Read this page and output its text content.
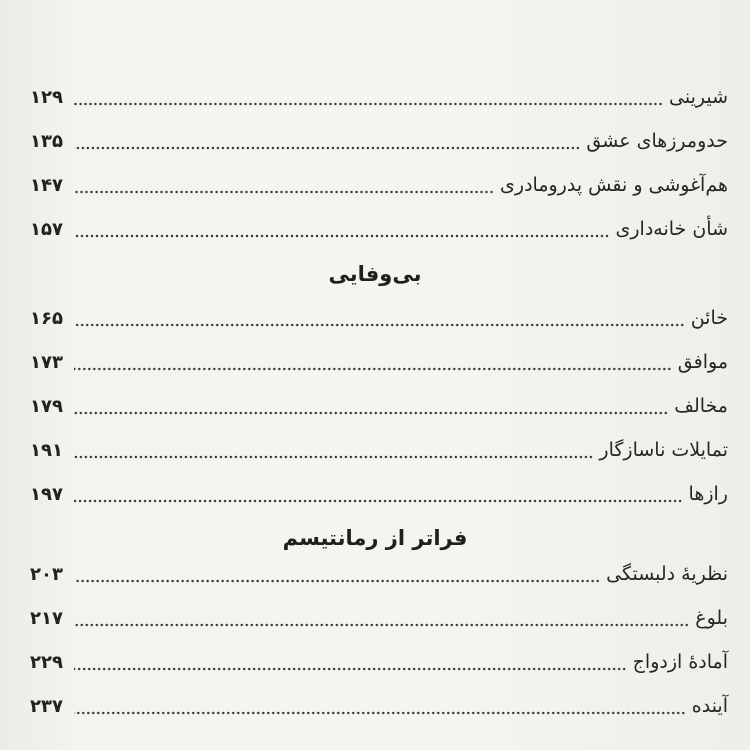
شیرینی
۱۲۹
حدومرزهای عشق
۱۳۵
هم‌آغوشی و نقش پدرومادری
۱۴۷
شأن خانه‌داری
۱۵۷
بی‌وفایی
خائن
۱۶۵
موافق
۱۷۳
مخالف
۱۷۹
تمایلات ناسازگار
۱۹۱
رازها
۱۹۷
فراتر از رمانتیسم
نظریهٔ دلبستگی
۲۰۳
بلوغ
۲۱۷
آمادهٔ ازدواج
۲۲۹
آینده
۲۳۷
